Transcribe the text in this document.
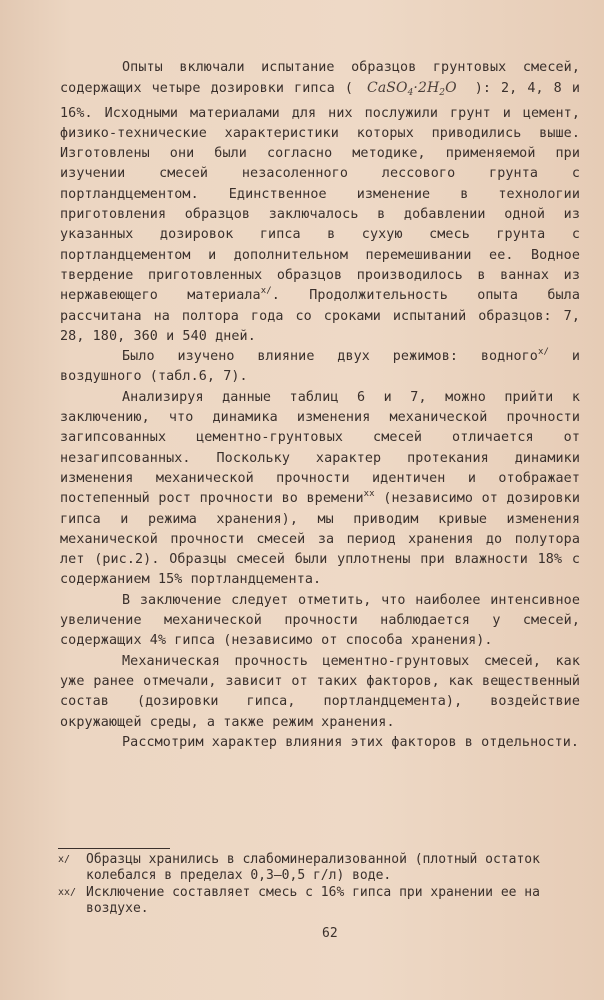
Опыты включали испытание образцов грунтовых смесей, содержащих четыре дозировки гипса ( $CaSO_4\cdot 2H_2O$ ): 2, 4, 8 и 16%. Исходными материалами для них послужили грунт и цемент, физико-технические характеристики которых приводились выше. Изготовлены они были согласно методике, применяемой при изучении смесей незасоленного лессового грунта с портландцементом. Единственное изменение в технологии приготовления образцов заключалось в добавлении одной из указанных дозировок гипса в сухую смесь грунта с портландцементом и дополнительном перемешивании ее. Водное твердение приготовленных образцов производилось в ваннах из нержавеющего материала$^{x/}$. Продолжительность опыта была рассчитана на полтора года со сроками испытаний образцов: 7, 28, 180, 360 и 540 дней.

Было изучено влияние двух режимов: водного$^{x/}$ и воздушного (табл.6, 7).

Анализируя данные таблиц 6 и 7, можно прийти к заключению, что динамика изменения механической прочности загипсованных цементно-грунтовых смесей отличается от незагипсованных. Поскольку характер протекания динамики изменения механической прочности идентичен и отображает постепенный рост прочности во времени$^{xx}$ (независимо от дозировки гипса и режима хранения), мы приводим кривые изменения механической прочности смесей за период хранения до полутора лет (рис.2). Образцы смесей были уплотнены при влажности 18% с содержанием 15% портландцемента.

В заключение следует отметить, что наиболее интенсивное увеличение механической прочности наблюдается у смесей, содержащих 4% гипса (независимо от способа хранения).

Механическая прочность цементно-грунтовых смесей, как уже ранее отмечали, зависит от таких факторов, как вещественный состав (дозировки гипса, портландцемента), воздействие окружающей среды, а также режим хранения.

Рассмотрим характер влияния этих факторов в отдельности.

x/	Образцы хранились в слабоминерализованной (плотный остаток колебался в пределах 0,3–0,5 г/л) воде.
xx/ Исключение составляет смесь с 16% гипса при хранении ее на воздухе.
62
